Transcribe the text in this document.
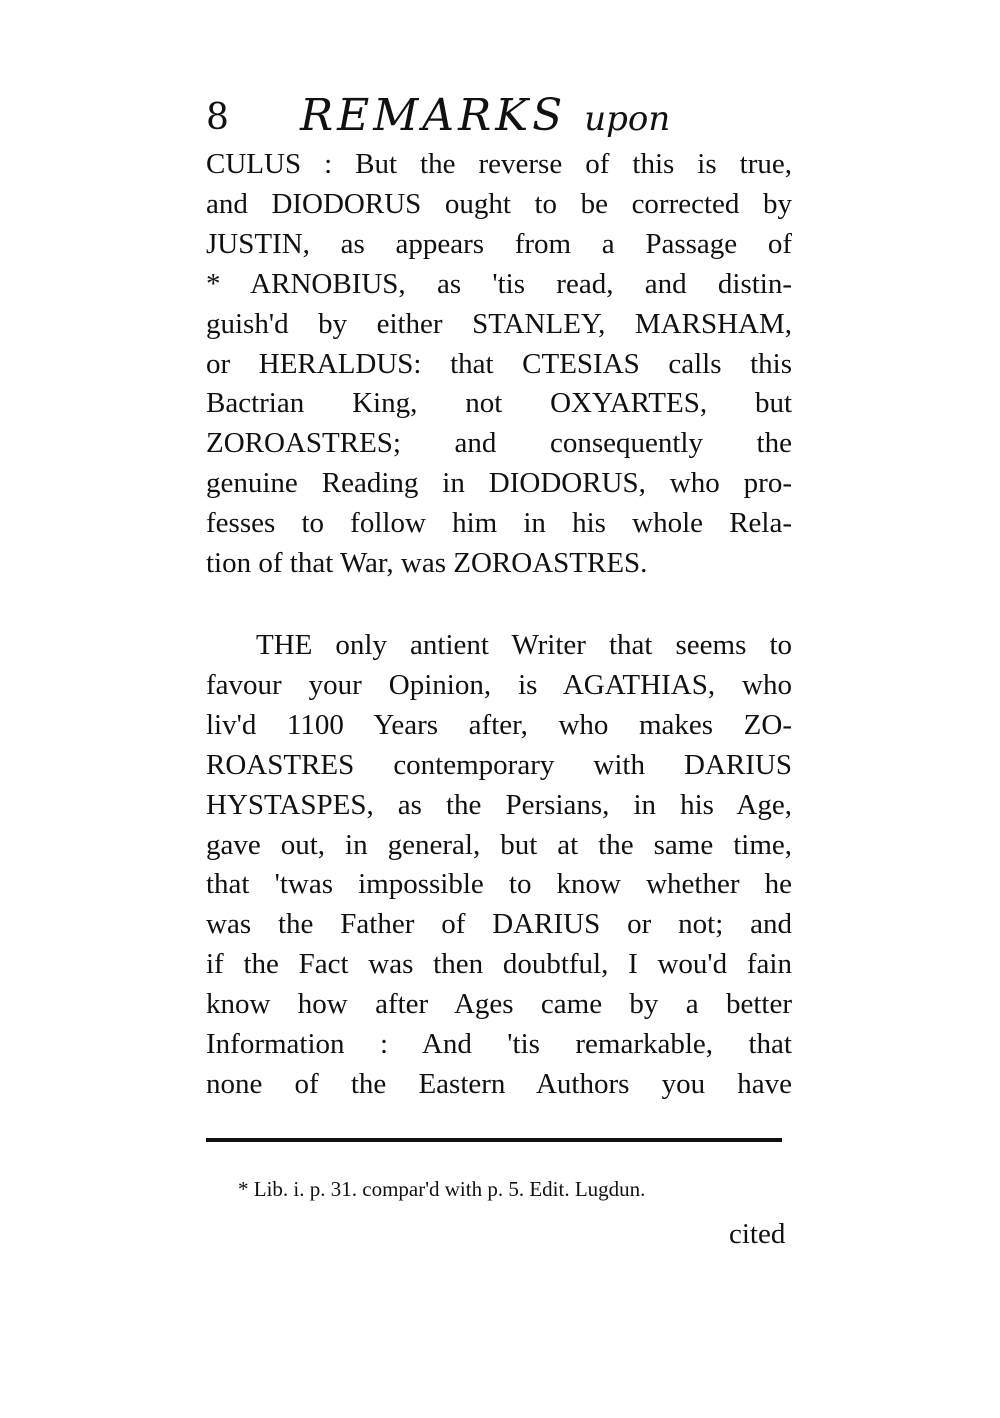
8 REMARKS upon
CULUS : But the reverse of this is true,
and DIODORUS ought to be corrected by
JUSTIN, as appears from a Passage of
* ARNOBIUS, as 'tis read, and distin-
guish'd by either STANLEY, MARSHAM,
or HERALDUS: that CTESIAS calls this
Bactrian King, not OXYARTES, but
ZOROASTRES; and consequently the
genuine Reading in DIODORUS, who pro-
fesses to follow him in his whole Rela-
tion of that War, was ZOROASTRES.
THE only antient Writer that seems to
favour your Opinion, is AGATHIAS, who
liv'd 1100 Years after, who makes ZO-
ROASTRES contemporary with DARIUS
HYSTASPES, as the Persians, in his Age,
gave out, in general, but at the same time,
that 'twas impossible to know whether he
was the Father of DARIUS or not; and
if the Fact was then doubtful, I wou'd fain
know how after Ages came by a better
Information : And 'tis remarkable, that
none of the Eastern Authors you have
* Lib. i. p. 31. compar'd with p. 5. Edit. Lugdun.
cited
